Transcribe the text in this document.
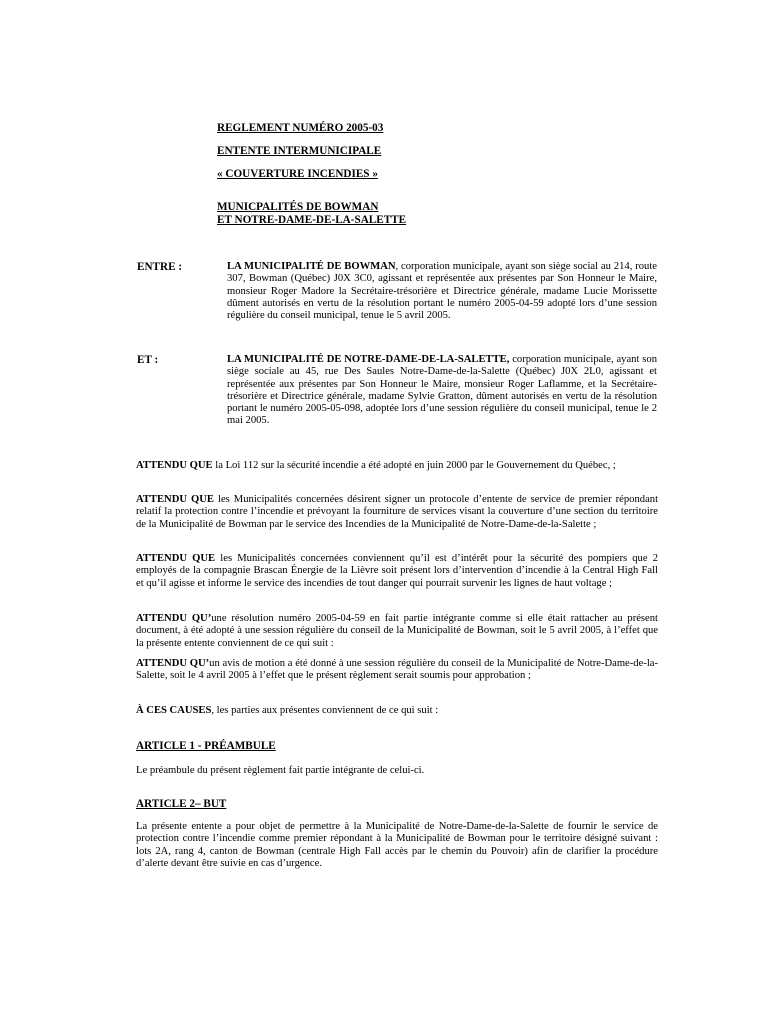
REGLEMENT NUMÉRO 2005-03
ENTENTE INTERMUNICIPALE
« COUVERTURE INCENDIES »
MUNICPALITÉS DE BOWMAN
ET NOTRE-DAME-DE-LA-SALETTE
ENTRE :	LA MUNICIPALITÉ DE BOWMAN, corporation municipale, ayant son siège social au 214, route 307, Bowman (Québec) J0X 3C0, agissant et représentée aux présentes par Son Honneur le Maire, monsieur Roger Madore la Secrétaire-trésorière et Directrice générale, madame Lucie Morissette dûment autorisés en vertu de la résolution portant le numéro 2005-04-59 adopté lors d’une session régulière du conseil municipal, tenue le 5 avril 2005.
ET :	LA MUNICIPALITÉ DE NOTRE-DAME-DE-LA-SALETTE, corporation municipale, ayant son siège sociale au 45, rue Des Saules Notre-Dame-de-la-Salette (Québec) J0X 2L0, agissant et représentée aux présentes par Son Honneur le Maire, monsieur Roger Laflamme, et la Secrétaire-trésorière et Directrice générale, madame Sylvie Gratton, dûment autorisés en vertu de la résolution portant le numéro 2005-05-098, adoptée lors d’une session régulière du conseil municipal, tenue le 2 mai 2005.
ATTENDU QUE la Loi 112 sur la sécurité incendie a été adopté en juin 2000 par le Gouvernement du Québec, ;
ATTENDU QUE les Municipalités concernées désirent signer un protocole d’entente de service de premier répondant relatif la protection contre l’incendie et prévoyant la fourniture de services visant la couverture d’une section du territoire de la Municipalité de Bowman par le service des Incendies de la Municipalité de Notre-Dame-de-la-Salette ;
ATTENDU QUE les Municipalités concernées conviennent qu’il est d’intérêt pour la sécurité des pompiers que 2 employés de la compagnie Brascan Énergie de la Lièvre soit présent lors d’intervention d’incendie à la Central High Fall et qu’il agisse et informe le service des incendies de tout danger qui pourrait survenir les lignes de haut voltage ;
ATTENDU QU’une résolution numéro 2005-04-59 en fait partie intégrante comme si elle était rattacher au présent document, à été adopté à une session régulière du conseil de la Municipalité de Bowman, soit le 5 avril 2005, à l’effet que la présente entente conviennent de ce qui suit :
ATTENDU QU’un avis de motion a été donné à une session régulière du conseil de la Municipalité de Notre-Dame-de-la-Salette, soit le 4 avril 2005 à l’effet que le présent règlement serait soumis pour approbation ;
À CES CAUSES, les parties aux présentes conviennent de ce qui suit :
ARTICLE 1 - PRÉAMBULE
Le préambule du présent règlement fait partie intégrante de celui-ci.
ARTICLE 2– BUT
La présente entente a pour objet de permettre à la Municipalité de Notre-Dame-de-la-Salette de fournir le service de protection contre l’incendie comme premier répondant à la Municipalité de Bowman pour le territoire désigné suivant : lots 2A, rang 4, canton de Bowman (centrale High Fall accès par le chemin du Pouvoir) afin de clarifier la procédure d’alerte devant être suivie en cas d’urgence.
